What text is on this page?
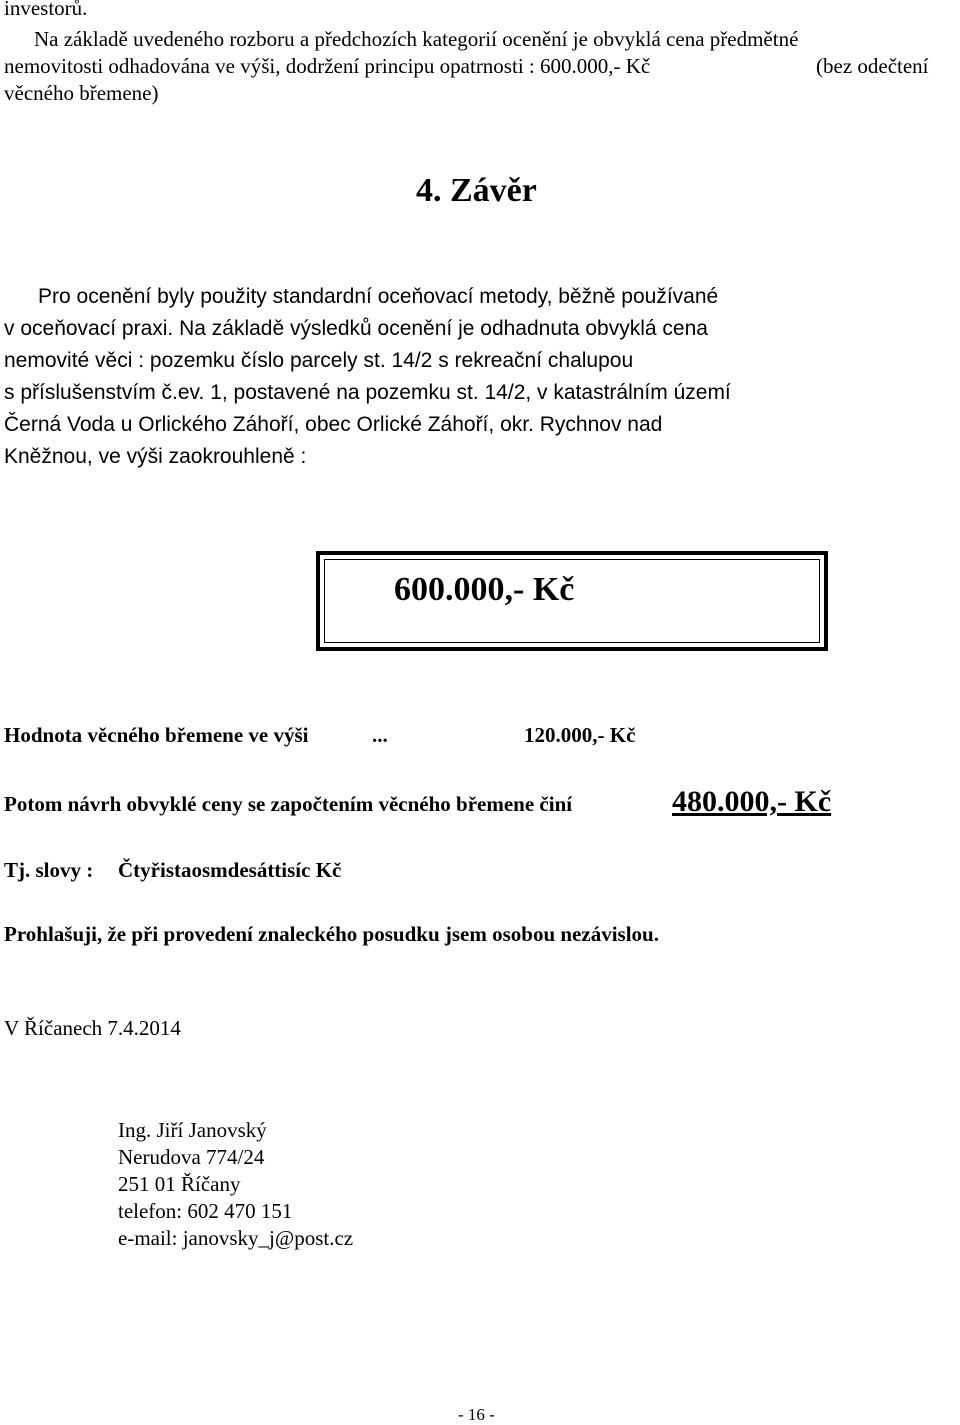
investorů.
Na základě uvedeného rozboru a předchozích kategorií ocenění je obvyklá cena předmětné
nemovitosti odhadována ve výši, dodržení principu opatrnosti : 600.000,- Kč	(bez odečtení
věcného břemene)
4. Závěr
Pro ocenění byly použity standardní oceňovací metody, běžně používané
v oceňovací praxi. Na základě výsledků ocenění je odhadnuta obvyklá cena
nemovité věci : pozemku číslo parcely st. 14/2 s rekreační chalupou
s příslušenstvím č.ev. 1, postavené na pozemku st. 14/2, v katastrálním území
Černá Voda u Orlického Záhoří, obec Orlické Záhoří, okr. Rychnov nad
Kněžnou, ve výši zaokrouhleně :
600.000,- Kč
Hodnota věcného břemene ve výši	...	120.000,- Kč
Potom návrh obvyklé ceny se započtením věcného břemene činí	480.000,- Kč
Tj. slovy : Čtyřistaosmdesáttisíc Kč
Prohlašuji, že při provedení znaleckého posudku jsem osobou nezávislou.
V Říčanech 7.4.2014
Ing. Jiří Janovský
Nerudova 774/24
251 01 Říčany
telefon: 602 470 151
e-mail: janovsky_j@post.cz
- 16 -
